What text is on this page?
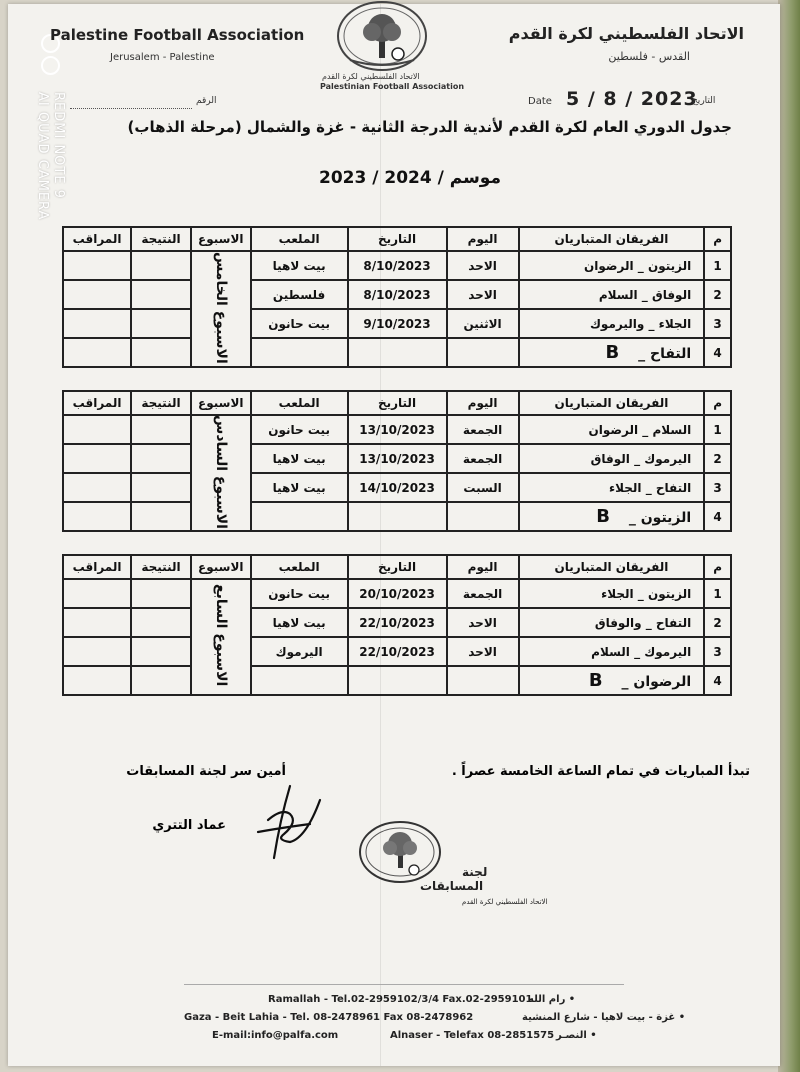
REDMI NOTE 9
AI QUAD CAMERA
Palestine Football Association
Jerusalem - Palestine
الاتحاد الفلسطيني لكرة القدم
القدس - فلسطين
الاتحاد الفلسطيني لكرة القدم
Palestinian Football Association
الرقم	Date 5 / 8 / 2023
التاريخ
جدول الدوري العام لكرة القدم لأندية الدرجة الثانية - غزة والشمال (مرحلة الذهاب)
موسم / 2024 / 2023
م	الفريقان المتباريان	اليوم	التاريخ	الملعب	الاسبوع	النتيجة	المراقب
1	الزيتون _ الرضوان	الاحد	8/10/2023	بيت لاهيا	الاسبوع الخامس		
2	الوفاق _ السلام	الاحد	8/10/2023	فلسطين			
3	الجلاء _ واليرموك	الاثنين	9/10/2023	بيت حانون			
4	التفاح _ B						
م	الفريقان المتباريان	اليوم	التاريخ	الملعب	الاسبوع	النتيجة	المراقب
1	السلام _ الرضوان	الجمعة	13/10/2023	بيت حانون	الاسبوع السادس		
2	اليرموك _ الوفاق	الجمعة	13/10/2023	بيت لاهيا			
3	التفاح _ الجلاء	السبت	14/10/2023	بيت لاهيا			
4	الزيتون _ B						
م	الفريقان المتباريان	اليوم	التاريخ	الملعب	الاسبوع	النتيجة	المراقب
1	الزيتون _ الجلاء	الجمعة	20/10/2023	بيت حانون	الاسبوع السابع		
2	التفاح _ والوفاق	الاحد	22/10/2023	بيت لاهيا			
3	اليرموك _ السلام	الاحد	22/10/2023	اليرموك			
4	الرضوان _ B						
تبدأ المباريات في تمام الساعة الخامسة عصراً .
أمين سر لجنة المسابقات
عماد التتري
لجنة
المسابقات
الاتحاد الفلسطيني لكرة القدم
Ramallah - Tel.02-2959102/3/4 Fax.02-2959101
• رام الله
Gaza - Beit Lahia - Tel. 08-2478961 Fax 08-2478962	• غزة - بيت لاهيا - شارع المنشية
E-mail:info@palfa.com	Alnaser - Telefax 08-2851575 • النصـر
